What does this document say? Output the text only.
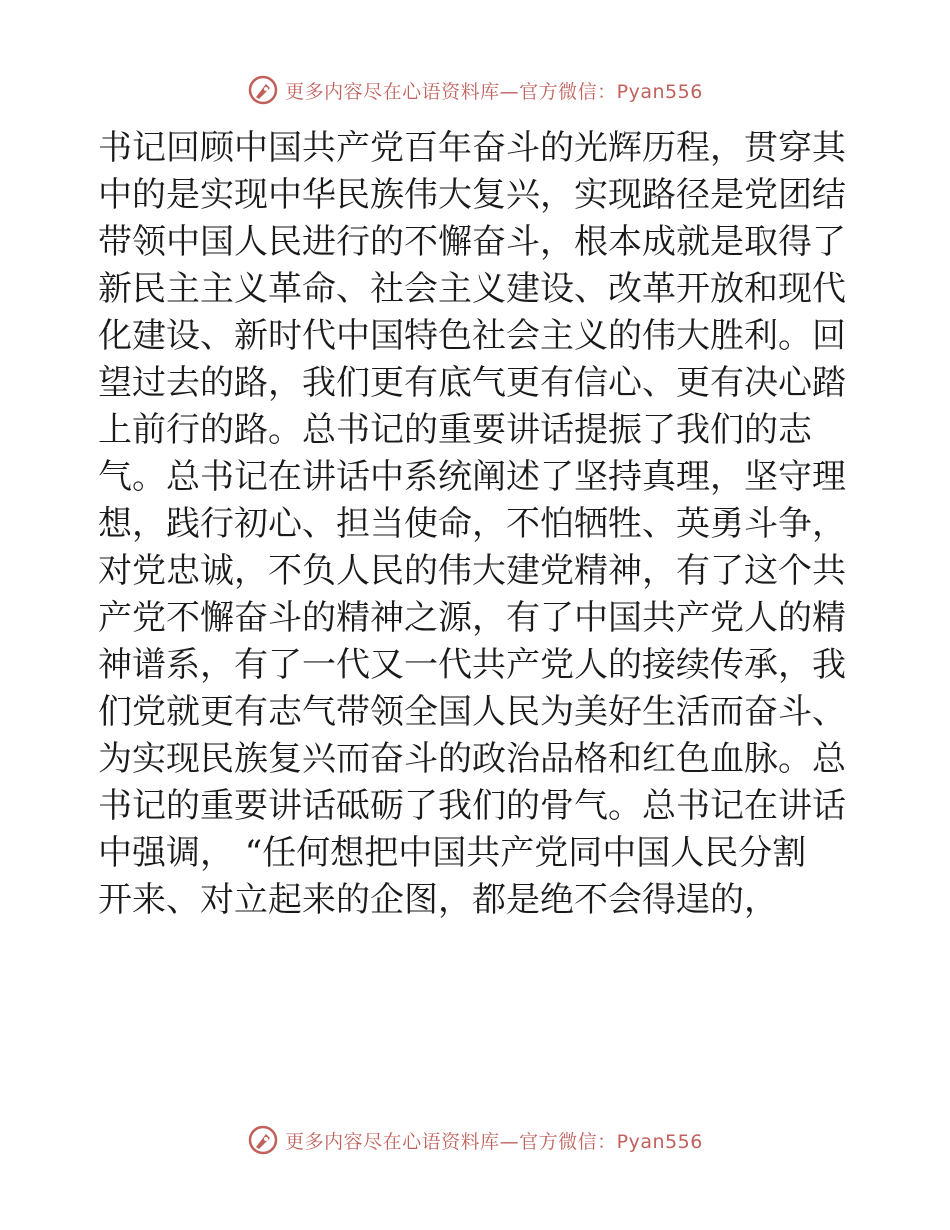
更多内容尽在心语资料库—官方微信：Pyan556

书记回顾中国共产党百年奋斗的光辉历程，贯穿其

中的是实现中华民族伟大复兴，实现路径是党团结

带领中国人民进行的不懈奋斗，根本成就是取得了

新民主主义革命、社会主义建设、改革开放和现代

化建设、新时代中国特色社会主义的伟大胜利。回

望过去的路，我们更有底气更有信心、更有决心踏

上前行的路。总书记的重要讲话提振了我们的志

气。总书记在讲话中系统阐述了坚持真理，坚守理

想，践行初心、担当使命，不怕牺牲、英勇斗争，

对党忠诚，不负人民的伟大建党精神，有了这个共

产党不懈奋斗的精神之源，有了中国共产党人的精

神谱系，有了一代又一代共产党人的接续传承，我

们党就更有志气带领全国人民为美好生活而奋斗、

为实现民族复兴而奋斗的政治品格和红色血脉。总

书记的重要讲话砥砺了我们的骨气。总书记在讲话

中强调， “任何想把中国共产党同中国人民分割

开来、对立起来的企图，都是绝不会得逞的，

更多内容尽在心语资料库—官方微信：Pyan556
